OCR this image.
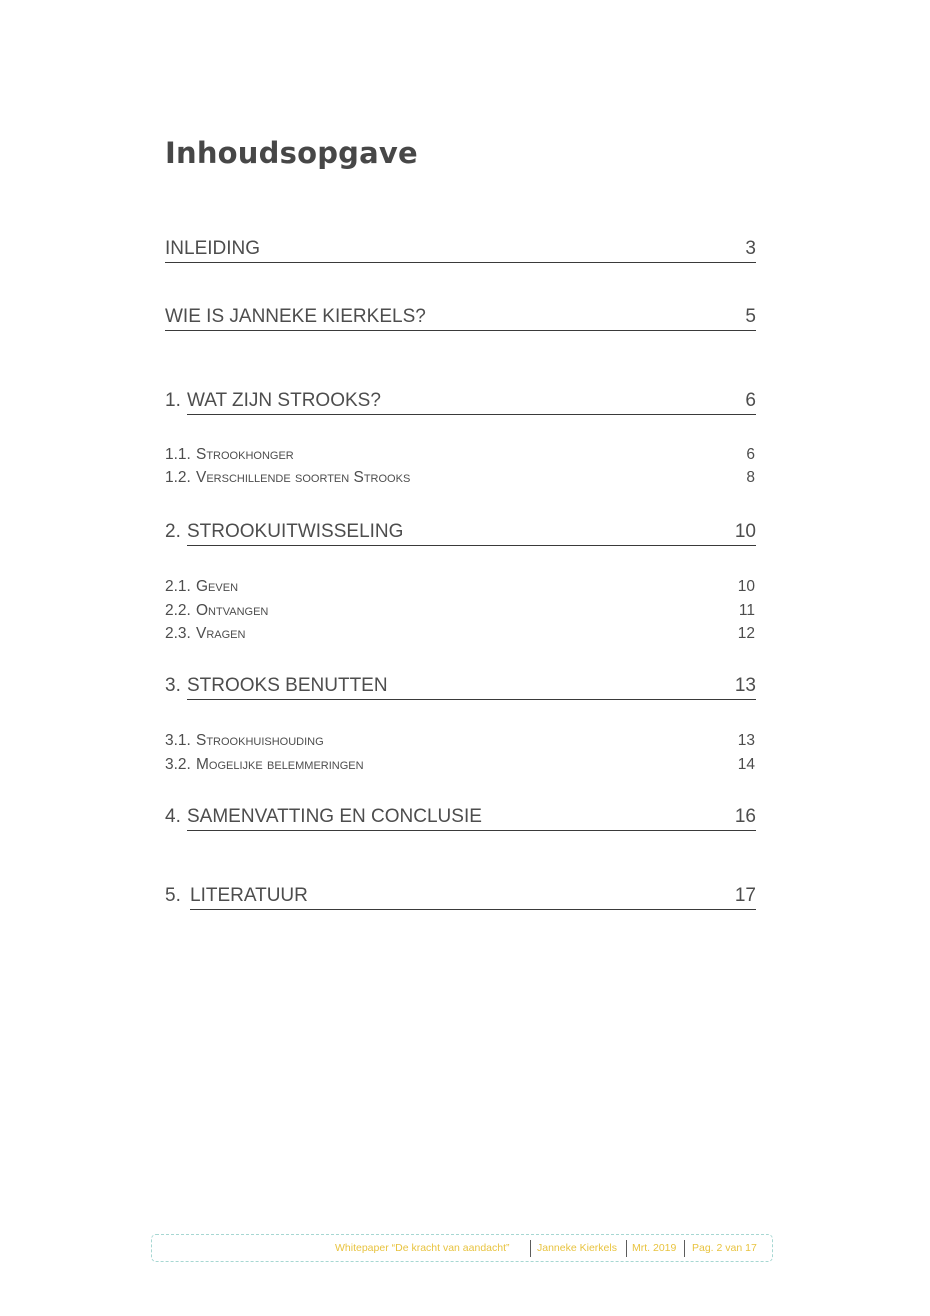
Inhoudsopgave
INLEIDING	3
WIE IS JANNEKE KIERKELS?	5
1. WAT ZIJN STROOKS?	6
1.1. Strookhonger	6
1.2. Verschillende soorten Strooks	8
2. STROOKUITWISSELING	10
2.1. Geven	10
2.2. Ontvangen	11
2.3. Vragen	12
3. STROOKS BENUTTEN	13
3.1. Strookhuishouding	13
3.2. Mogelijke belemmeringen	14
4. SAMENVATTING EN CONCLUSIE	16
5. LITERATUUR	17
Whitepaper “De kracht van aandacht”	Janneke Kierkels Mrt. 2019 Pag. 2 van 17
